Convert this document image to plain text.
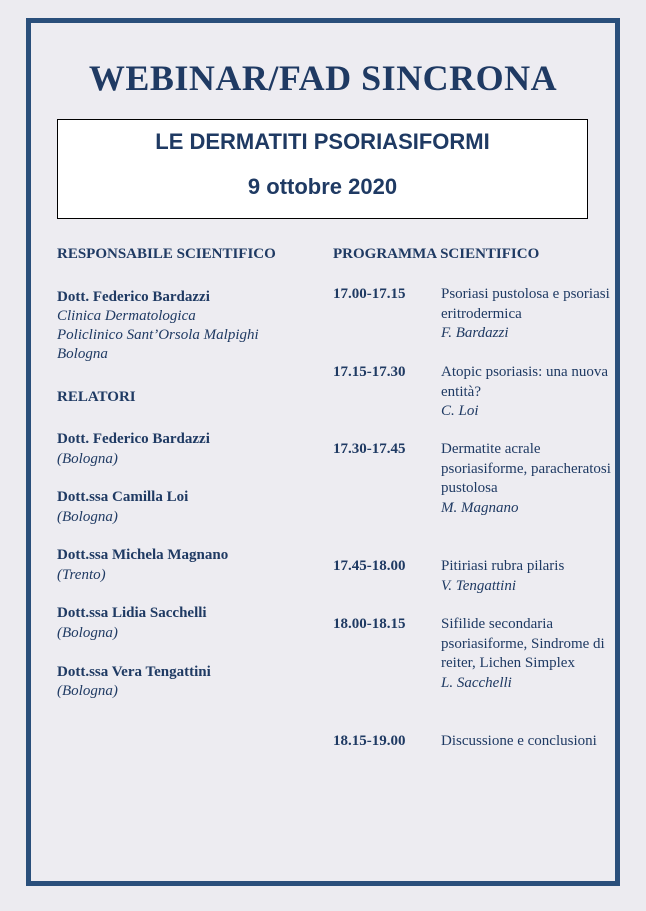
WEBINAR/FAD SINCRONA
LE DERMATITI PSORIASIFORMI
9 ottobre 2020
RESPONSABILE SCIENTIFICO
Dott. Federico Bardazzi
Clinica Dermatologica
Policlinico Sant’Orsola Malpighi
Bologna
RELATORI
Dott. Federico Bardazzi
(Bologna)
Dott.ssa Camilla Loi
(Bologna)
Dott.ssa Michela Magnano
(Trento)
Dott.ssa Lidia Sacchelli
(Bologna)
Dott.ssa Vera Tengattini
(Bologna)
PROGRAMMA SCIENTIFICO
17.00-17.15 Psoriasi pustolosa e psoriasi eritrodermica
F. Bardazzi
17.15-17.30 Atopic psoriasis: una nuova entità?
C. Loi
17.30-17.45 Dermatite acrale psoriasiforme, paracheratosi pustolosa
M. Magnano
17.45-18.00 Pitiriasi rubra pilaris
V. Tengattini
18.00-18.15 Sifilide secondaria psoriasiforme, Sindrome di reiter, Lichen Simplex
L. Sacchelli
18.15-19.00 Discussione e conclusioni
